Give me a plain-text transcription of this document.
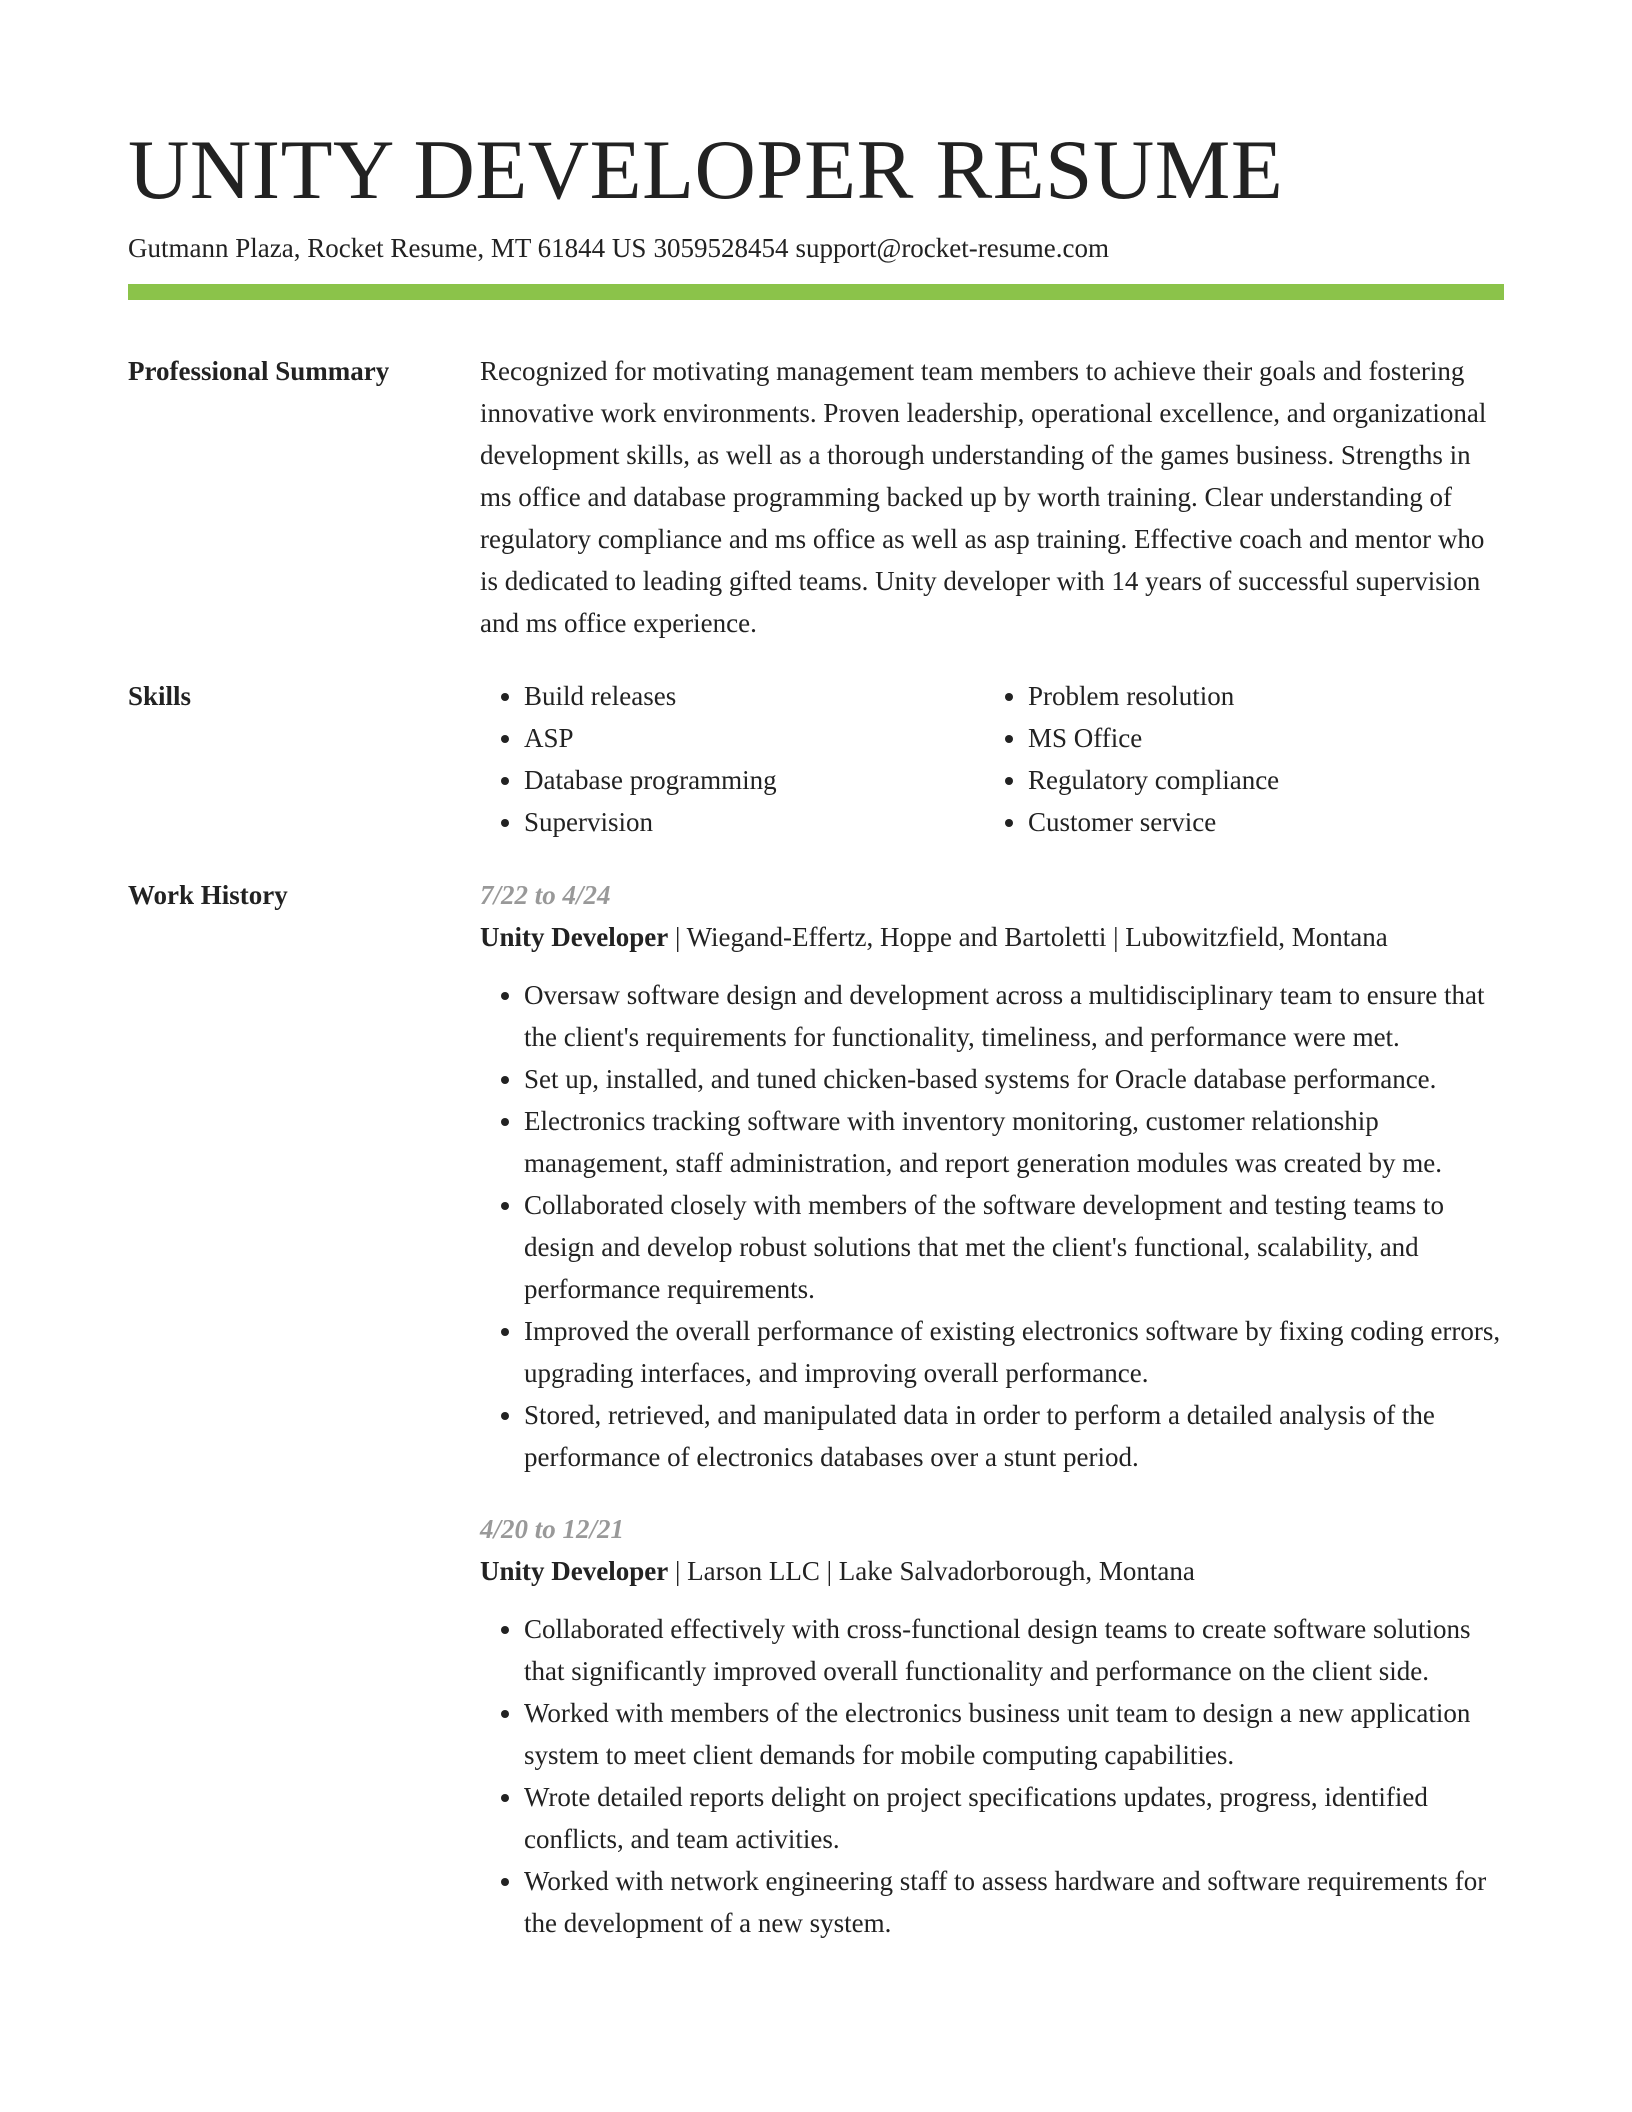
UNITY DEVELOPER RESUME
Gutmann Plaza, Rocket Resume, MT 61844 US 3059528454 support@rocket-resume.com
Professional Summary	Recognized for motivating management team members to achieve their goals and fostering innovative work environments. Proven leadership, operational excellence, and organizational development skills, as well as a thorough understanding of the games business. Strengths in ms office and database programming backed up by worth training. Clear understanding of regulatory compliance and ms office as well as asp training. Effective coach and mentor who is dedicated to leading gifted teams. Unity developer with 14 years of successful supervision and ms office experience.

Skills
•	Build releases
• ASP
• Database programming
• Supervision
• Problem resolution
• MS Office
• Regulatory compliance
• Customer service
Work History	7/22 to 4/24
Unity Developer | Wiegand-Effertz, Hoppe and Bartoletti | Lubowitzfield, Montana
• Oversaw software design and development across a multidisciplinary team to ensure that the client's requirements for functionality, timeliness, and performance were met.
• Set up, installed, and tuned chicken-based systems for Oracle database performance.
• Electronics tracking software with inventory monitoring, customer relationship management, staff administration, and report generation modules was created by me.
• Collaborated closely with members of the software development and testing teams to design and develop robust solutions that met the client's functional, scalability, and performance requirements.
• Improved the overall performance of existing electronics software by fixing coding errors, upgrading interfaces, and improving overall performance.
• Stored, retrieved, and manipulated data in order to perform a detailed analysis of the performance of electronics databases over a stunt period.
4/20 to 12/21
Unity Developer | Larson LLC | Lake Salvadorborough, Montana
• Collaborated effectively with cross-functional design teams to create software solutions that significantly improved overall functionality and performance on the client side.
• Worked with members of the electronics business unit team to design a new application system to meet client demands for mobile computing capabilities.
• Wrote detailed reports delight on project specifications updates, progress, identified conflicts, and team activities.
• Worked with network engineering staff to assess hardware and software requirements for the development of a new system.
